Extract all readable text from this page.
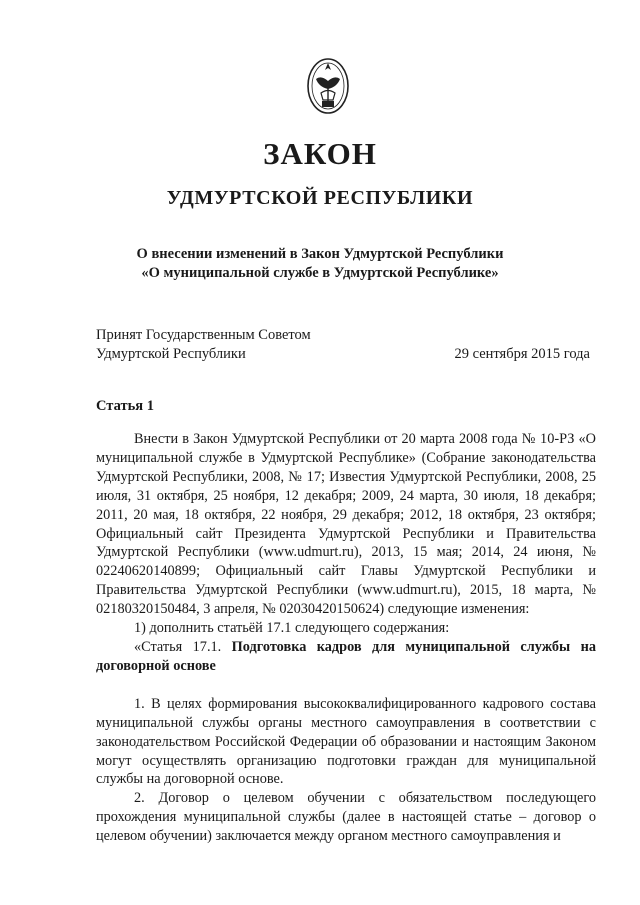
ЗАКОН
УДМУРТСКОЙ РЕСПУБЛИКИ
О внесении изменений в Закон Удмуртской Республики
«О муниципальной службе в Удмуртской Республике»
Принят Государственным Советом
Удмуртской Республики	29 сентября 2015 года
Статья 1

Внести в Закон Удмуртской Республики от 20 марта 2008 года № 10-РЗ «О муниципальной службе в Удмуртской Республике» (Собрание законодательства Удмуртской Республики, 2008, № 17; Известия Удмуртской Республики, 2008, 25 июля, 31 октября, 25 ноября, 12 декабря; 2009, 24 марта, 30 июля, 18 декабря; 2011, 20 мая, 18 октября, 22 ноября, 29 декабря; 2012, 18 октября, 23 октября; Официальный сайт Президента Удмуртской Республики и Правительства Удмуртской Республики (www.udmurt.ru), 2013, 15 мая; 2014, 24 июня, № 02240620140899; Официальный сайт Главы Удмуртской Республики и Правительства Удмуртской Республики (www.udmurt.ru), 2015, 18 марта, № 02180320150484, 3 апреля, № 02030420150624) следующие изменения:

1) дополнить статьёй 17.1 следующего содержания:

«Статья 17.1. Подготовка кадров для муниципальной службы на договорной основе

1. В целях формирования высококвалифицированного кадрового состава муниципальной службы органы местного самоуправления в соответствии с законодательством Российской Федерации об образовании и настоящим Законом могут осуществлять организацию подготовки граждан для муниципальной службы на договорной основе.

2. Договор о целевом обучении с обязательством последующего прохождения муниципальной службы (далее в настоящей статье – договор о целевом обучении) заключается между органом местного самоуправления и
